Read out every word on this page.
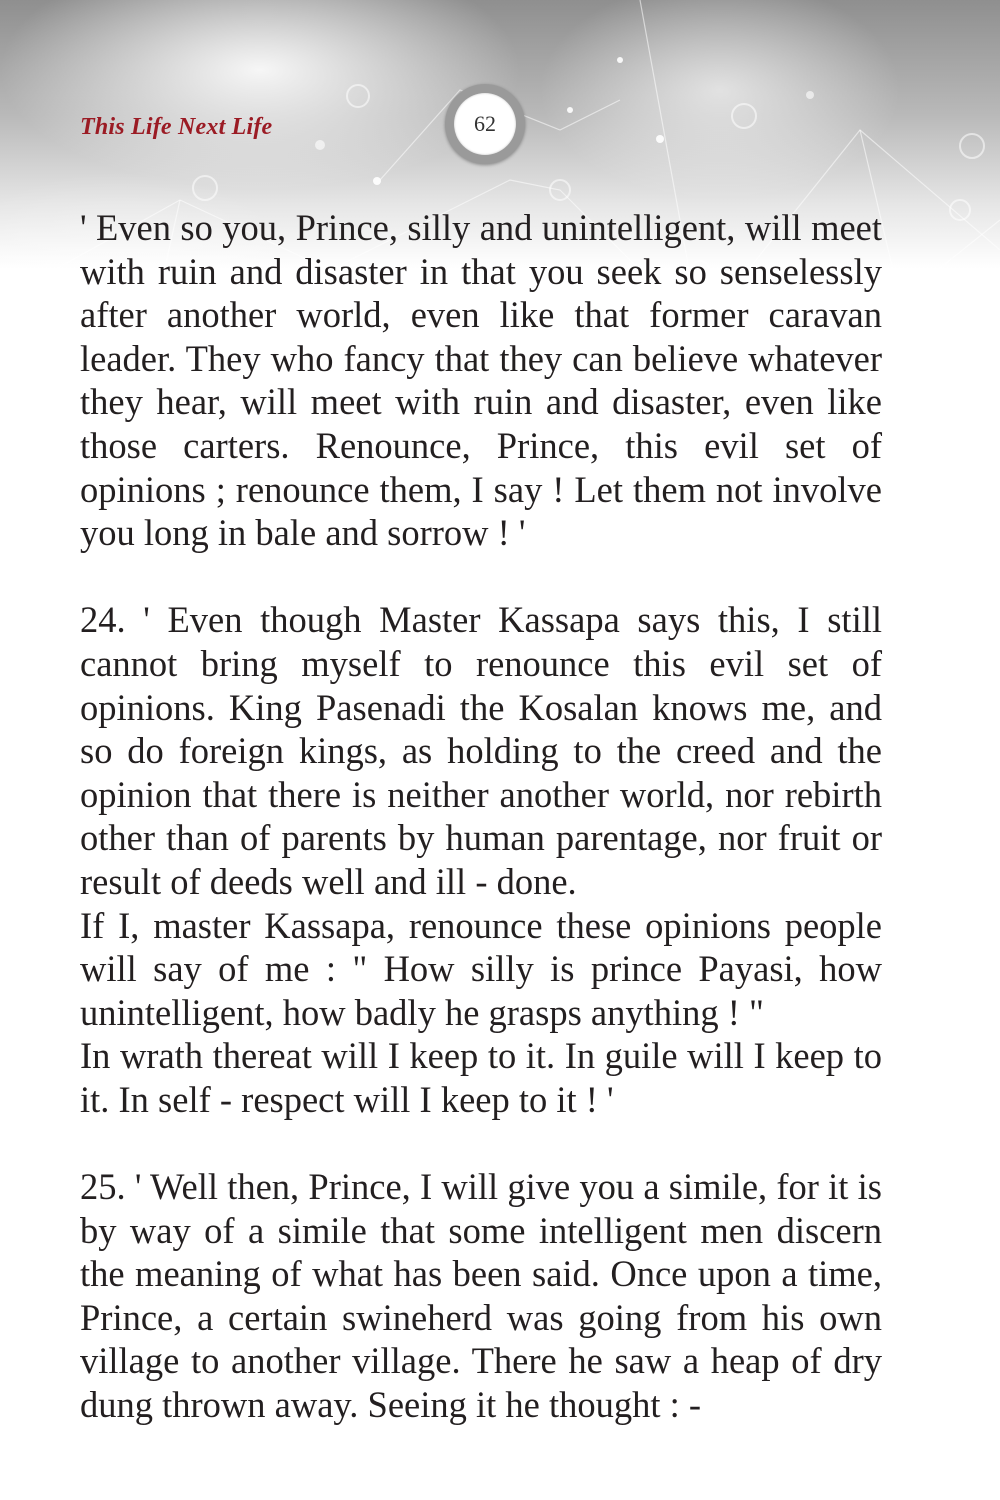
This Life Next Life	62

' Even so you, Prince, silly and unintelligent, will meet with ruin and disaster in that you seek so senselessly after another world, even like that former caravan leader. They who fancy that they can believe whatever they hear, will meet with ruin and disaster, even like those carters. Renounce, Prince, this evil set of opinions ; renounce them, I say ! Let them not involve you long in bale and sorrow ! '

24. ' Even though Master Kassapa says this, I still cannot bring myself to renounce this evil set of opinions. King Pasenadi the Kosalan knows me, and so do foreign kings, as holding to the creed and the opinion that there is neither another world, nor rebirth other than of parents by human parentage, nor fruit or result of deeds well and ill - done.

If I, master Kassapa, renounce these opinions people will say of me : " How silly is prince Payasi, how unintelligent, how badly he grasps anything ! "

In wrath thereat will I keep to it. In guile will I keep to it. In self - respect will I keep to it ! '

25. ' Well then, Prince, I will give you a simile, for it is by way of a simile that some intelligent men discern the meaning of what has been said. Once upon a time, Prince, a certain swineherd was going from his own village to another village. There he saw a heap of dry dung thrown away. Seeing it he thought : -
